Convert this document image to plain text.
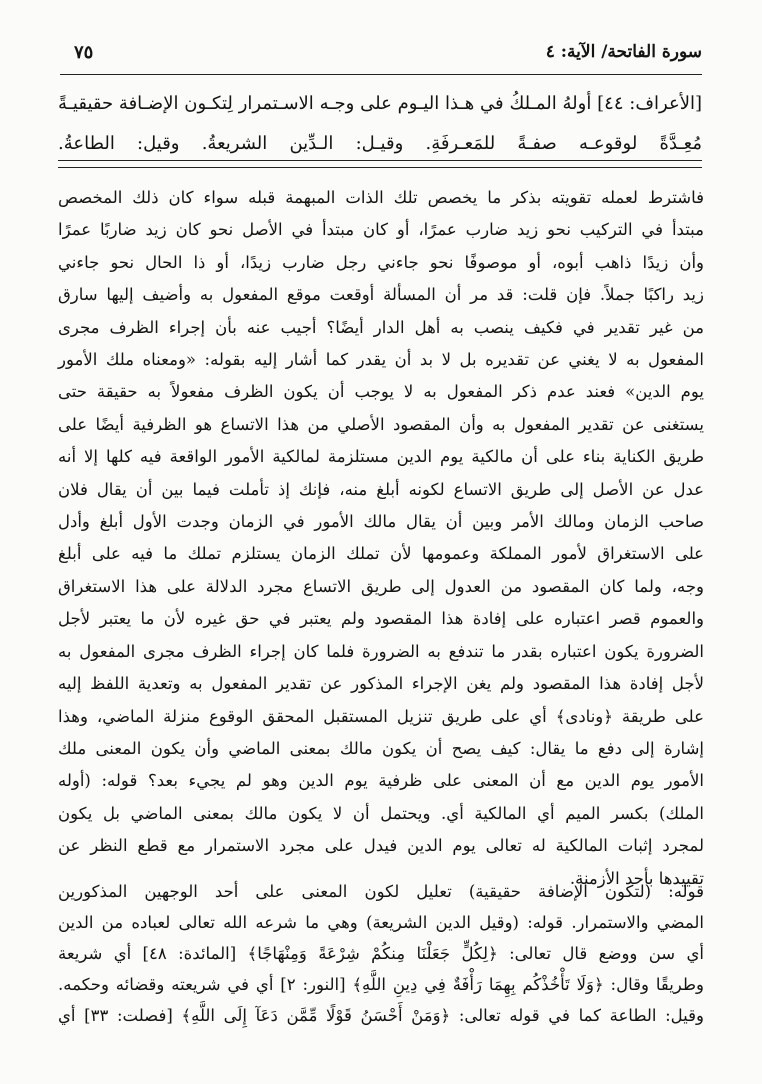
سورة الفاتحة/ الآية: ٤
٧٥
[الأعراف: ٤٤] أولهُ المـلكُ في هـذا اليـوم على وجـه الاسـتمرار لِتكـون الإضـافة حقيقيـةً مُعِـدَّةً لوقوعـه صفـةً للمَعـرفَةِ. وقيـل: الـدِّين الشريعةُ. وقيل: الطاعةُ.

فاشترط لعمله تقويته بذكر ما يخصص تلك الذات المبهمة قبله سواء كان ذلك المخصص

مبتدأ في التركيب نحو زيد ضارب عمرًا، أو كان مبتدأ في الأصل نحو كان زيد ضاربًا عمرًا

وأن زيدًا ذاهب أبوه، أو موصوفًا نحو جاءني رجل ضارب زيدًا، أو ذا الحال نحو جاءني

زيد راكبًا جملاً. فإن قلت: قد مر أن المسألة أوقعت موقع المفعول به وأضيف إليها سارق

من غير تقدير في فكيف ينصب به أهل الدار أيضًا؟ أجيب عنه بأن إجراء الظرف مجرى

المفعول به لا يغني عن تقديره بل لا بد أن يقدر كما أشار إليه بقوله: «ومعناه ملك الأمور

يوم الدين» فعند عدم ذكر المفعول به لا يوجب أن يكون الظرف مفعولاً به حقيقة حتى

يستغنى عن تقدير المفعول به وأن المقصود الأصلي من هذا الاتساع هو الظرفية أيضًا على

طريق الكناية بناء على أن مالكية يوم الدين مستلزمة لمالكية الأمور الواقعة فيه كلها إلا أنه

عدل عن الأصل إلى طريق الاتساع لكونه أبلغ منه، فإنك إذ تأملت فيما بين أن يقال فلان

صاحب الزمان ومالك الأمر وبين أن يقال مالك الأمور في الزمان وجدت الأول أبلغ وأدل

على الاستغراق لأمور المملكة وعمومها لأن تملك الزمان يستلزم تملك ما فيه على أبلغ

وجه، ولما كان المقصود من العدول إلى طريق الاتساع مجرد الدلالة على هذا الاستغراق

والعموم قصر اعتباره على إفادة هذا المقصود ولم يعتبر في حق غيره لأن ما يعتبر لأجل

الضرورة يكون اعتباره بقدر ما تندفع به الضرورة فلما كان إجراء الظرف مجرى المفعول به

لأجل إفادة هذا المقصود ولم يغن الإجراء المذكور عن تقدير المفعول به وتعدية اللفظ إليه

على طريقة ﴿ونادى﴾ أي على طريق تنزيل المستقبل المحقق الوقوع منزلة الماضي، وهذا

إشارة إلى دفع ما يقال: كيف يصح أن يكون مالك بمعنى الماضي وأن يكون المعنى ملك

الأمور يوم الدين مع أن المعنى على ظرفية يوم الدين وهو لم يجيء بعد؟ قوله: (أوله

الملك) بكسر الميم أي المالكية أي. ويحتمل أن لا يكون مالك بمعنى الماضي بل يكون

لمجرد إثبات المالكية له تعالى يوم الدين فيدل على مجرد الاستمرار مع قطع النظر عن

تقييدها بأحد الأزمنة.

قوله: (لتكون الإضافة حقيقية) تعليل لكون المعنى على أحد الوجهين المذكورين

المضي والاستمرار. قوله: (وقيل الدين الشريعة) وهي ما شرعه الله تعالى لعباده من الدين

أي سن ووضع قال تعالى: ﴿لِكُلٍّ جَعَلْنَا مِنكُمْ شِرْعَةً وَمِنْهَاجًا﴾ [المائدة: ٤٨] أي شريعة

وطريقًا وقال: ﴿وَلَا تَأْخُذْكُم بِهِمَا رَأْفَةٌ فِي دِينِ اللَّهِ﴾ [النور: ٢] أي في شريعته وقضائه وحكمه.

وقيل: الطاعة كما في قوله تعالى: ﴿وَمَنْ أَحْسَنُ قَوْلًا مِّمَّن دَعَآ إِلَى اللَّهِ﴾ [فصلت: ٣٣] أي
